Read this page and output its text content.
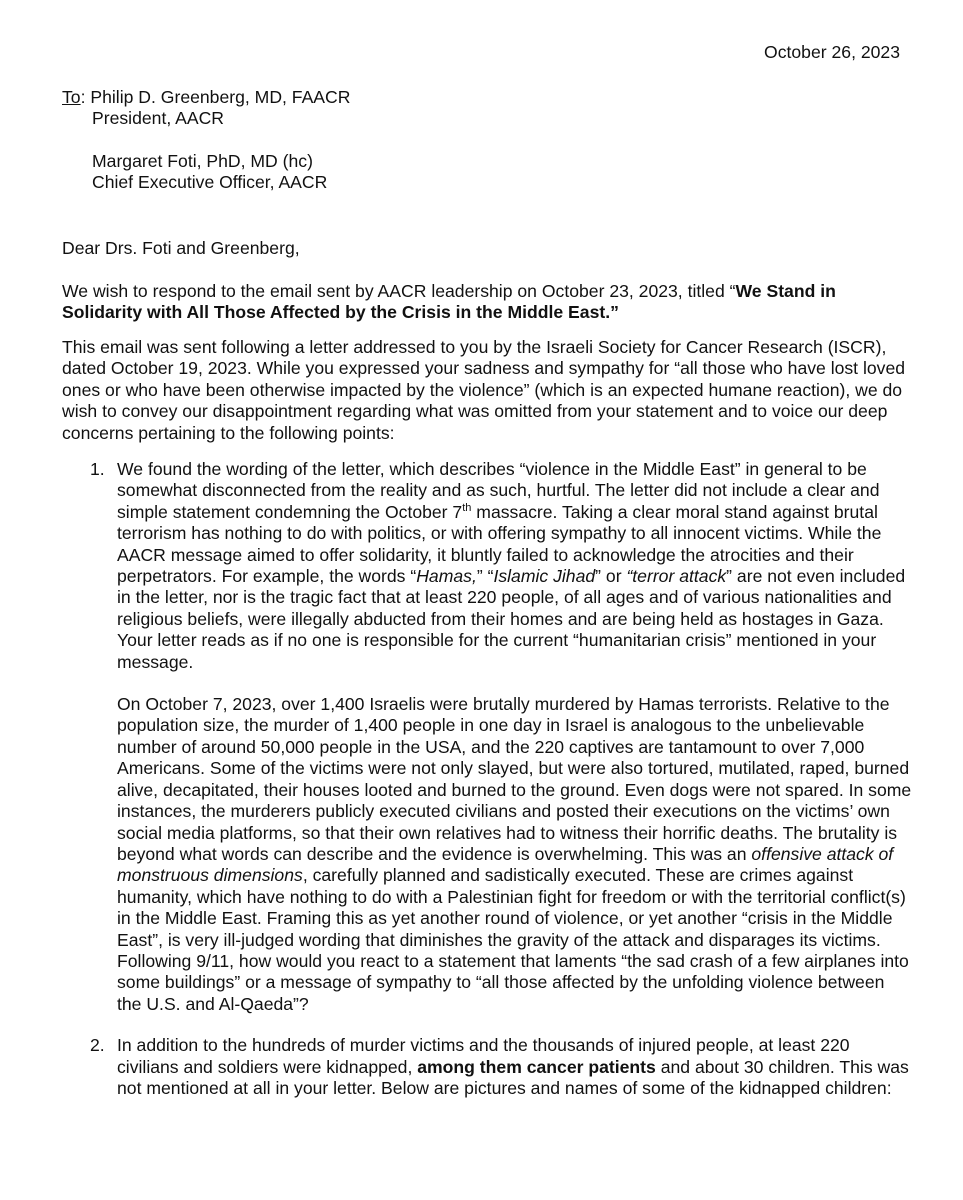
October 26, 2023
To: Philip D. Greenberg, MD, FAACR
President, AACR
Margaret Foti, PhD, MD (hc)
Chief Executive Officer, AACR
Dear Drs. Foti and Greenberg,
We wish to respond to the email sent by AACR leadership on October 23, 2023, titled “We Stand in Solidarity with All Those Affected by the Crisis in the Middle East.”
This email was sent following a letter addressed to you by the Israeli Society for Cancer Research (ISCR), dated October 19, 2023. While you expressed your sadness and sympathy for “all those who have lost loved ones or who have been otherwise impacted by the violence” (which is an expected humane reaction), we do wish to convey our disappointment regarding what was omitted from your statement and to voice our deep concerns pertaining to the following points:
1. We found the wording of the letter, which describes “violence in the Middle East” in general to be somewhat disconnected from the reality and as such, hurtful. The letter did not include a clear and simple statement condemning the October 7th massacre. Taking a clear moral stand against brutal terrorism has nothing to do with politics, or with offering sympathy to all innocent victims. While the AACR message aimed to offer solidarity, it bluntly failed to acknowledge the atrocities and their perpetrators. For example, the words “Hamas,” “Islamic Jihad” or “terror attack” are not even included in the letter, nor is the tragic fact that at least 220 people, of all ages and of various nationalities and religious beliefs, were illegally abducted from their homes and are being held as hostages in Gaza. Your letter reads as if no one is responsible for the current “humanitarian crisis” mentioned in your message.
On October 7, 2023, over 1,400 Israelis were brutally murdered by Hamas terrorists. Relative to the population size, the murder of 1,400 people in one day in Israel is analogous to the unbelievable number of around 50,000 people in the USA, and the 220 captives are tantamount to over 7,000 Americans. Some of the victims were not only slayed, but were also tortured, mutilated, raped, burned alive, decapitated, their houses looted and burned to the ground. Even dogs were not spared. In some instances, the murderers publicly executed civilians and posted their executions on the victims’ own social media platforms, so that their own relatives had to witness their horrific deaths. The brutality is beyond what words can describe and the evidence is overwhelming. This was an offensive attack of monstruous dimensions, carefully planned and sadistically executed. These are crimes against humanity, which have nothing to do with a Palestinian fight for freedom or with the territorial conflict(s) in the Middle East. Framing this as yet another round of violence, or yet another “crisis in the Middle East”, is very ill-judged wording that diminishes the gravity of the attack and disparages its victims. Following 9/11, how would you react to a statement that laments “the sad crash of a few airplanes into some buildings” or a message of sympathy to “all those affected by the unfolding violence between the U.S. and Al-Qaeda”?
2. In addition to the hundreds of murder victims and the thousands of injured people, at least 220 civilians and soldiers were kidnapped, among them cancer patients and about 30 children. This was not mentioned at all in your letter. Below are pictures and names of some of the kidnapped children:
